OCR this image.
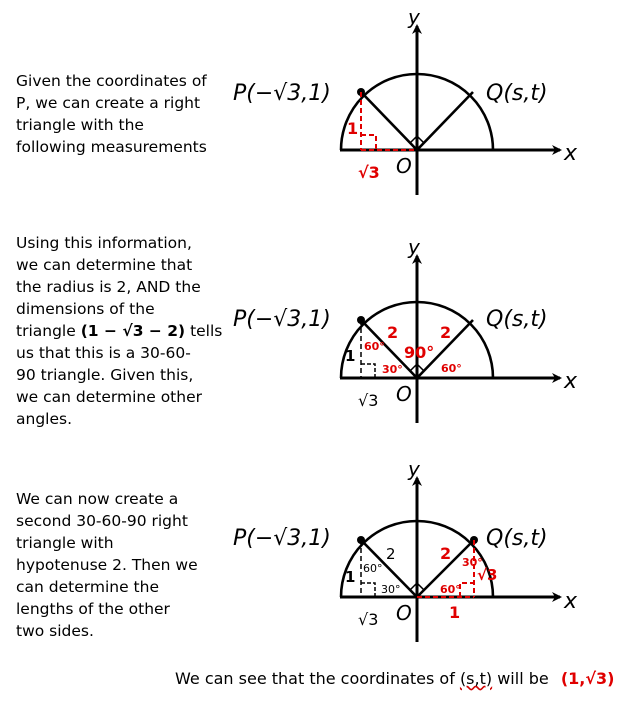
Given the coordinates of
P, we can create a right
triangle with the
following measurements
Using this information,
we can determine that
the radius is 2, AND the
dimensions of the
triangle (1 − √3 − 2) tells
us that this is a 30-60-
90 triangle. Given this,
we can determine other
angles.
We can now create a
second 30-60-90 right
triangle with
hypotenuse 2. Then we
can determine the
lengths of the other
two sides.
1
√3 O
y
x
P(−√3,1)	Q(s,t)
1
√3
60°
30°
2	2
90°
60°
O
y
x
P(−√3,1)	Q(s,t)
1
√3
60°
30°
2	2 30°
60°
√3
1
O
y
x
P(−√3,1)	Q(s,t)
We can see that the coordinates of (s,t) will be (1,√3)
